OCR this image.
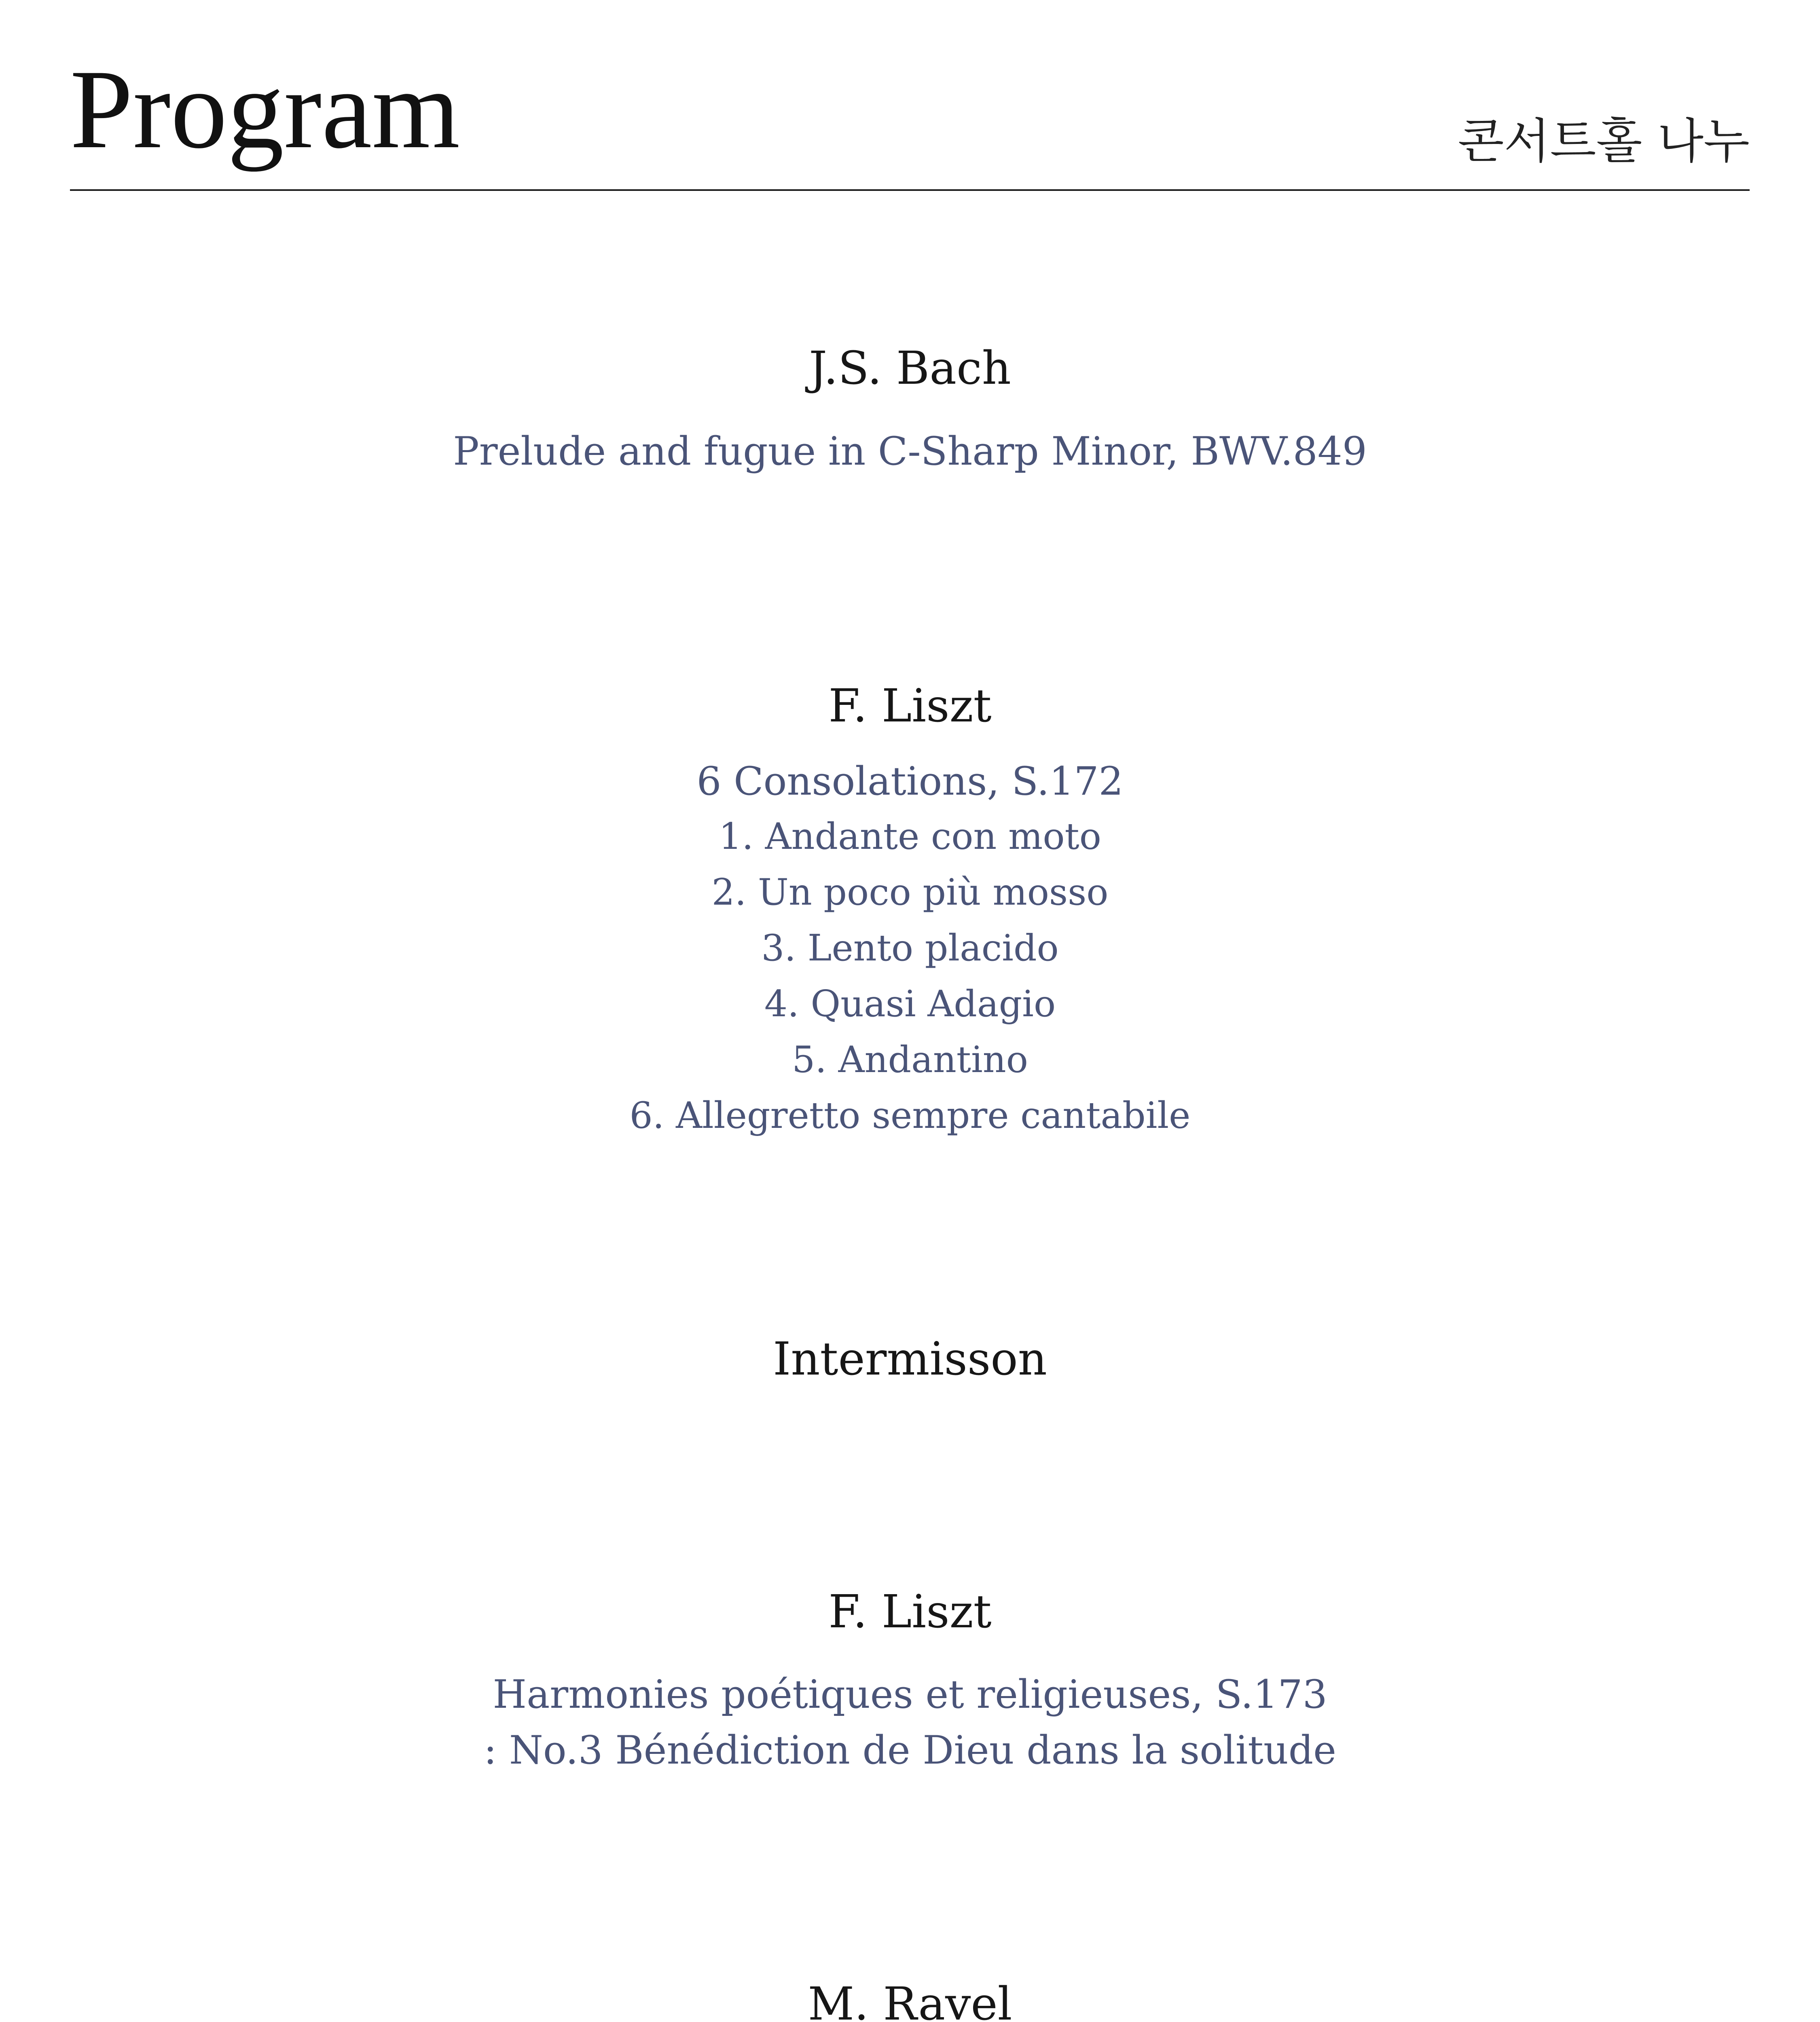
Program	콘서트홀 나누
J.S. Bach
Prelude and fugue in C-Sharp Minor, BWV.849
F. Liszt
6 Consolations, S.172
1. Andante con moto
2. Un poco più mosso
3. Lento placido
4. Quasi Adagio
5. Andantino
6. Allegretto sempre cantabile
Intermisson
F. Liszt
Harmonies poétiques et religieuses, S.173
: No.3 Bénédiction de Dieu dans la solitude
M. Ravel
